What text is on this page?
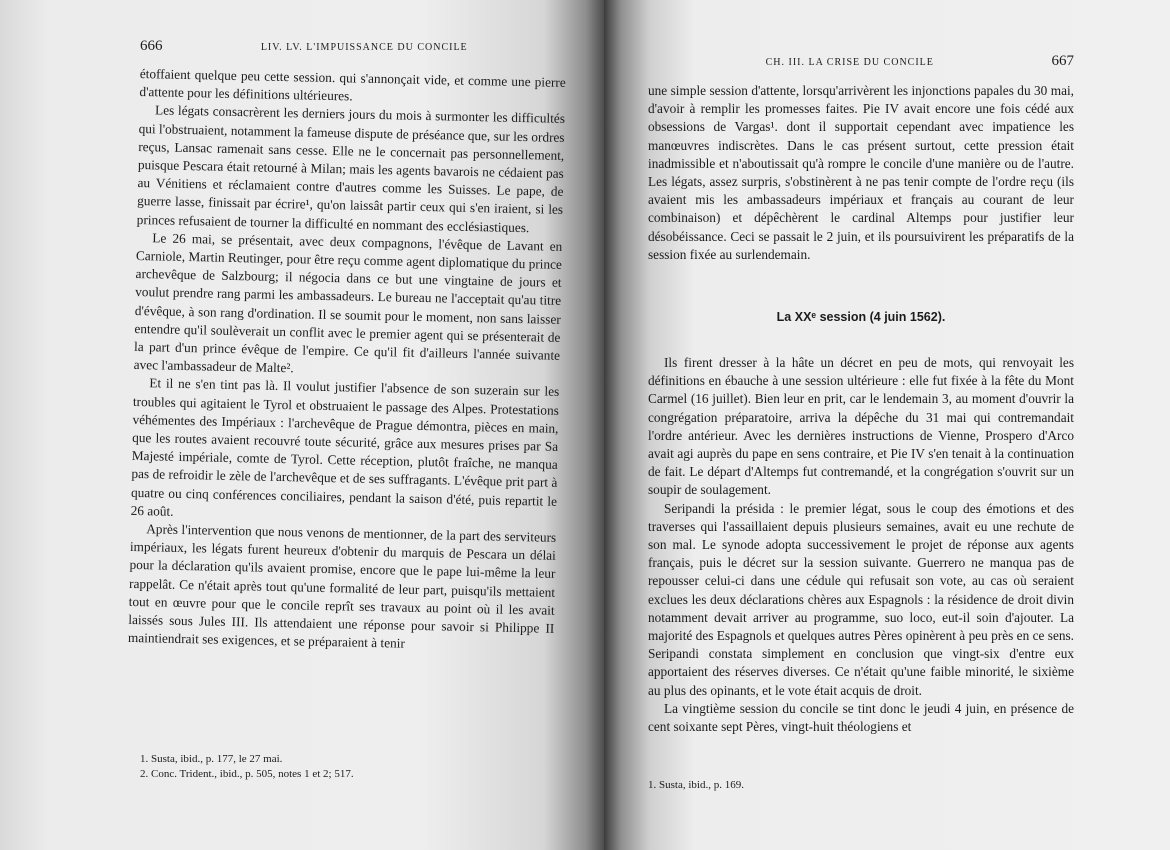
666	LIV. LV. L'IMPUISSANCE DU CONCILE

étoffaient quelque peu cette session. qui s'annonçait vide, et comme une pierre d'attente pour les définitions ultérieures.

Les légats consacrèrent les derniers jours du mois à surmonter les difficultés qui l'obstruaient, notamment la fameuse dispute de préséance que, sur les ordres reçus, Lansac ramenait sans cesse. Elle ne le concernait pas personnellement, puisque Pescara était retourné à Milan; mais les agents bavarois ne cédaient pas au Vénitiens et réclamaient contre d'autres comme les Suisses. Le pape, de guerre lasse, finissait par écrire¹, qu'on laissât partir ceux qui s'en iraient, si les princes refusaient de tourner la difficulté en nommant des ecclésiastiques.

Le 26 mai, se présentait, avec deux compagnons, l'évêque de Lavant en Carniole, Martin Reutinger, pour être reçu comme agent diplomatique du prince archevêque de Salzbourg; il négocia dans ce but une vingtaine de jours et voulut prendre rang parmi les ambassadeurs. Le bureau ne l'acceptait qu'au titre d'évêque, à son rang d'ordination. Il se soumit pour le moment, non sans laisser entendre qu'il soulèverait un conflit avec le premier agent qui se présenterait de la part d'un prince évêque de l'empire. Ce qu'il fit d'ailleurs l'année suivante avec l'ambassadeur de Malte².

Et il ne s'en tint pas là. Il voulut justifier l'absence de son suzerain sur les troubles qui agitaient le Tyrol et obstruaient le passage des Alpes. Protestations véhémentes des Impériaux : l'archevêque de Prague démontra, pièces en main, que les routes avaient recouvré toute sécurité, grâce aux mesures prises par Sa Majesté impériale, comte de Tyrol. Cette réception, plutôt fraîche, ne manqua pas de refroidir le zèle de l'archevêque et de ses suffragants. L'évêque prit part à quatre ou cinq conférences conciliaires, pendant la saison d'été, puis repartit le 26 août.

Après l'intervention que nous venons de mentionner, de la part des serviteurs impériaux, les légats furent heureux d'obtenir du marquis de Pescara un délai pour la déclaration qu'ils avaient promise, encore que le pape lui-même la leur rappelât. Ce n'était après tout qu'une formalité de leur part, puisqu'ils mettaient tout en œuvre pour que le concile reprît ses travaux au point où il les avait laissés sous Jules III. Ils attendaient une réponse pour savoir si Philippe II maintiendrait ses exigences, et se préparaient à tenir

1. Susta, ibid., p. 177, le 27 mai.

2. Conc. Trident., ibid., p. 505, notes 1 et 2; 517.

CH. III. LA CRISE DU CONCILE	667

une simple session d'attente, lorsqu'arrivèrent les injonctions papales du 30 mai, d'avoir à remplir les promesses faites. Pie IV avait encore une fois cédé aux obsessions de Vargas¹. dont il supportait cependant avec impatience les manœuvres indiscrètes. Dans le cas présent surtout, cette pression était inadmissible et n'aboutissait qu'à rompre le concile d'une manière ou de l'autre. Les légats, assez surpris, s'obstinèrent à ne pas tenir compte de l'ordre reçu (ils avaient mis les ambassadeurs impériaux et français au courant de leur combinaison) et dépêchèrent le cardinal Altemps pour justifier leur désobéissance. Ceci se passait le 2 juin, et ils poursuivirent les préparatifs de la session fixée au surlendemain.

La XXᵉ session (4 juin 1562).

Ils firent dresser à la hâte un décret en peu de mots, qui renvoyait les définitions en ébauche à une session ultérieure : elle fut fixée à la fête du Mont Carmel (16 juillet). Bien leur en prit, car le lendemain 3, au moment d'ouvrir la congrégation préparatoire, arriva la dépêche du 31 mai qui contremandait l'ordre antérieur. Avec les dernières instructions de Vienne, Prospero d'Arco avait agi auprès du pape en sens contraire, et Pie IV s'en tenait à la continuation de fait. Le départ d'Altemps fut contremandé, et la congrégation s'ouvrit sur un soupir de soulagement.

Seripandi la présida : le premier légat, sous le coup des émotions et des traverses qui l'assaillaient depuis plusieurs semaines, avait eu une rechute de son mal. Le synode adopta successivement le projet de réponse aux agents français, puis le décret sur la session suivante. Guerrero ne manqua pas de repousser celui-ci dans une cédule qui refusait son vote, au cas où seraient exclues les deux déclarations chères aux Espagnols : la résidence de droit divin notamment devait arriver au programme, suo loco, eut-il soin d'ajouter. La majorité des Espagnols et quelques autres Pères opinèrent à peu près en ce sens. Seripandi constata simplement en conclusion que vingt-six d'entre eux apportaient des réserves diverses. Ce n'était qu'une faible minorité, le sixième au plus des opinants, et le vote était acquis de droit.

La vingtième session du concile se tint donc le jeudi 4 juin, en présence de cent soixante sept Pères, vingt-huit théologiens et

1. Susta, ibid., p. 169.
